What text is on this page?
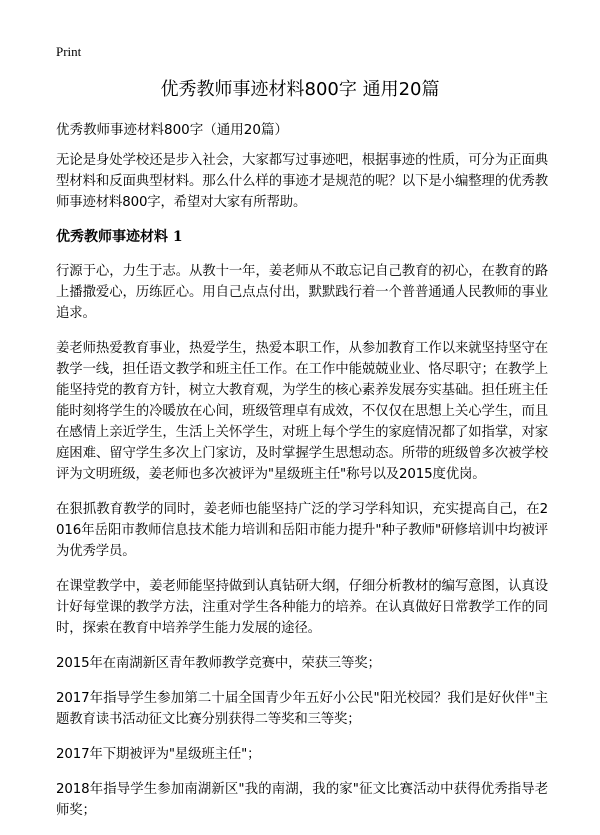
Print
优秀教师事迹材料800字 通用20篇
优秀教师事迹材料800字（通用20篇）

无论是身处学校还是步入社会，大家都写过事迹吧，根据事迹的性质，可分为正面典型材料和反面典型材料。那么什么样的事迹才是规范的呢？以下是小编整理的优秀教师事迹材料800字，希望对大家有所帮助。

优秀教师事迹材料 1

行源于心，力生于志。从教十一年，姜老师从不敢忘记自己教育的初心，在教育的路上播撒爱心，历练匠心。用自己点点付出，默默践行着一个普普通通人民教师的事业追求。

姜老师热爱教育事业，热爱学生，热爱本职工作，从参加教育工作以来就坚持坚守在教学一线，担任语文教学和班主任工作。在工作中能兢兢业业、恪尽职守；在教学上能坚持党的教育方针，树立大教育观，为学生的核心素养发展夯实基础。担任班主任能时刻将学生的冷暖放在心间，班级管理卓有成效，不仅仅在思想上关心学生，而且在感情上亲近学生，生活上关怀学生，对班上每个学生的家庭情况都了如指掌，对家庭困难、留守学生多次上门家访，及时掌握学生思想动态。所带的班级曾多次被学校评为文明班级，姜老师也多次被评为"星级班主任"称号以及2015度优岗。

在狠抓教育教学的同时，姜老师也能坚持广泛的学习学科知识，充实提高自己，在2016年岳阳市教师信息技术能力培训和岳阳市能力提升"种子教师"研修培训中均被评为优秀学员。

在课堂教学中，姜老师能坚持做到认真钻研大纲，仔细分析教材的编写意图，认真设计好每堂课的教学方法，注重对学生各种能力的培养。在认真做好日常教学工作的同时，探索在教育中培养学生能力发展的途径。

2015年在南湖新区青年教师教学竞赛中，荣获三等奖；

2017年指导学生参加第二十届全国青少年五好小公民"阳光校园？我们是好伙伴"主题教育读书活动征文比赛分别获得二等奖和三等奖；

2017年下期被评为"星级班主任"；

2018年指导学生参加南湖新区"我的南湖，我的家"征文比赛活动中获得优秀指导老师奖；
